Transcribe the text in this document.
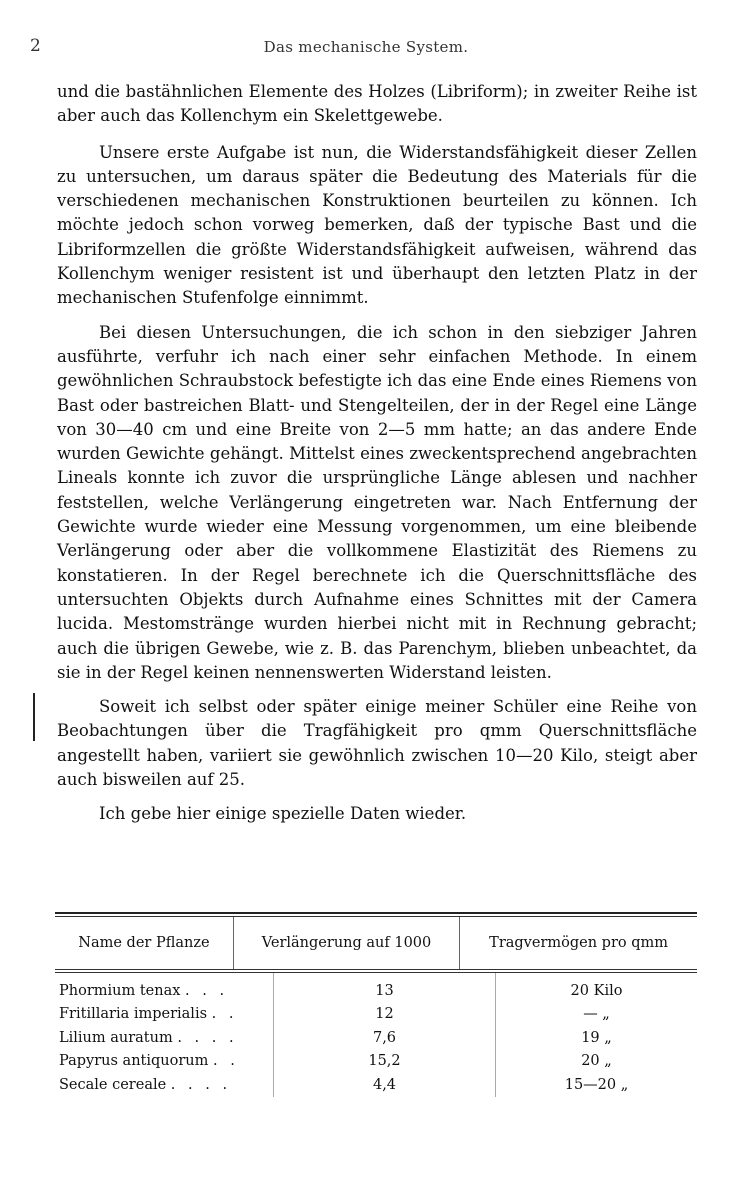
2	Das mechanische System.

und die bastähnlichen Elemente des Holzes (Libriform); in zweiter Reihe ist aber auch das Kollenchym ein Skelettgewebe.

Unsere erste Aufgabe ist nun, die Widerstandsfähigkeit dieser Zellen zu untersuchen, um daraus später die Bedeutung des Materials für die verschiedenen mechanischen Konstruktionen beurteilen zu können. Ich möchte jedoch schon vorweg bemerken, daß der typische Bast und die Libriformzellen die größte Widerstandsfähigkeit aufweisen, während das Kollenchym weniger resistent ist und überhaupt den letzten Platz in der mechanischen Stufenfolge einnimmt.

Bei diesen Untersuchungen, die ich schon in den siebziger Jahren ausführte, verfuhr ich nach einer sehr einfachen Methode. In einem gewöhnlichen Schraubstock befestigte ich das eine Ende eines Riemens von Bast oder bastreichen Blatt- und Stengelteilen, der in der Regel eine Länge von 30—40 cm und eine Breite von 2—5 mm hatte; an das andere Ende wurden Gewichte gehängt. Mittelst eines zweckentsprechend angebrachten Lineals konnte ich zuvor die ursprüngliche Länge ablesen und nachher feststellen, welche Verlängerung eingetreten war. Nach Entfernung der Gewichte wurde wieder eine Messung vorgenommen, um eine bleibende Verlängerung oder aber die vollkommene Elastizität des Riemens zu konstatieren. In der Regel berechnete ich die Querschnittsfläche des untersuchten Objekts durch Aufnahme eines Schnittes mit der Camera lucida. Mestomstränge wurden hierbei nicht mit in Rechnung gebracht; auch die übrigen Gewebe, wie z. B. das Parenchym, blieben unbeachtet, da sie in der Regel keinen nennenswerten Widerstand leisten.

Soweit ich selbst oder später einige meiner Schüler eine Reihe von Beobachtungen über die Tragfähigkeit pro qmm Querschnittsfläche angestellt haben, variiert sie gewöhnlich zwischen 10—20 Kilo, steigt aber auch bisweilen auf 25.

Ich gebe hier einige spezielle Daten wieder.

Name der Pflanze	Verlängerung auf 1000	Tragvermögen pro qmm
Phormium tenax . . .	13	20 Kilo
Fritillaria imperialis . .	12	— „
Lilium auratum . . . .	7,6	19 „
Papyrus antiquorum . .	15,2	20 „
Secale cereale . . . .	4,4	15—20 „
